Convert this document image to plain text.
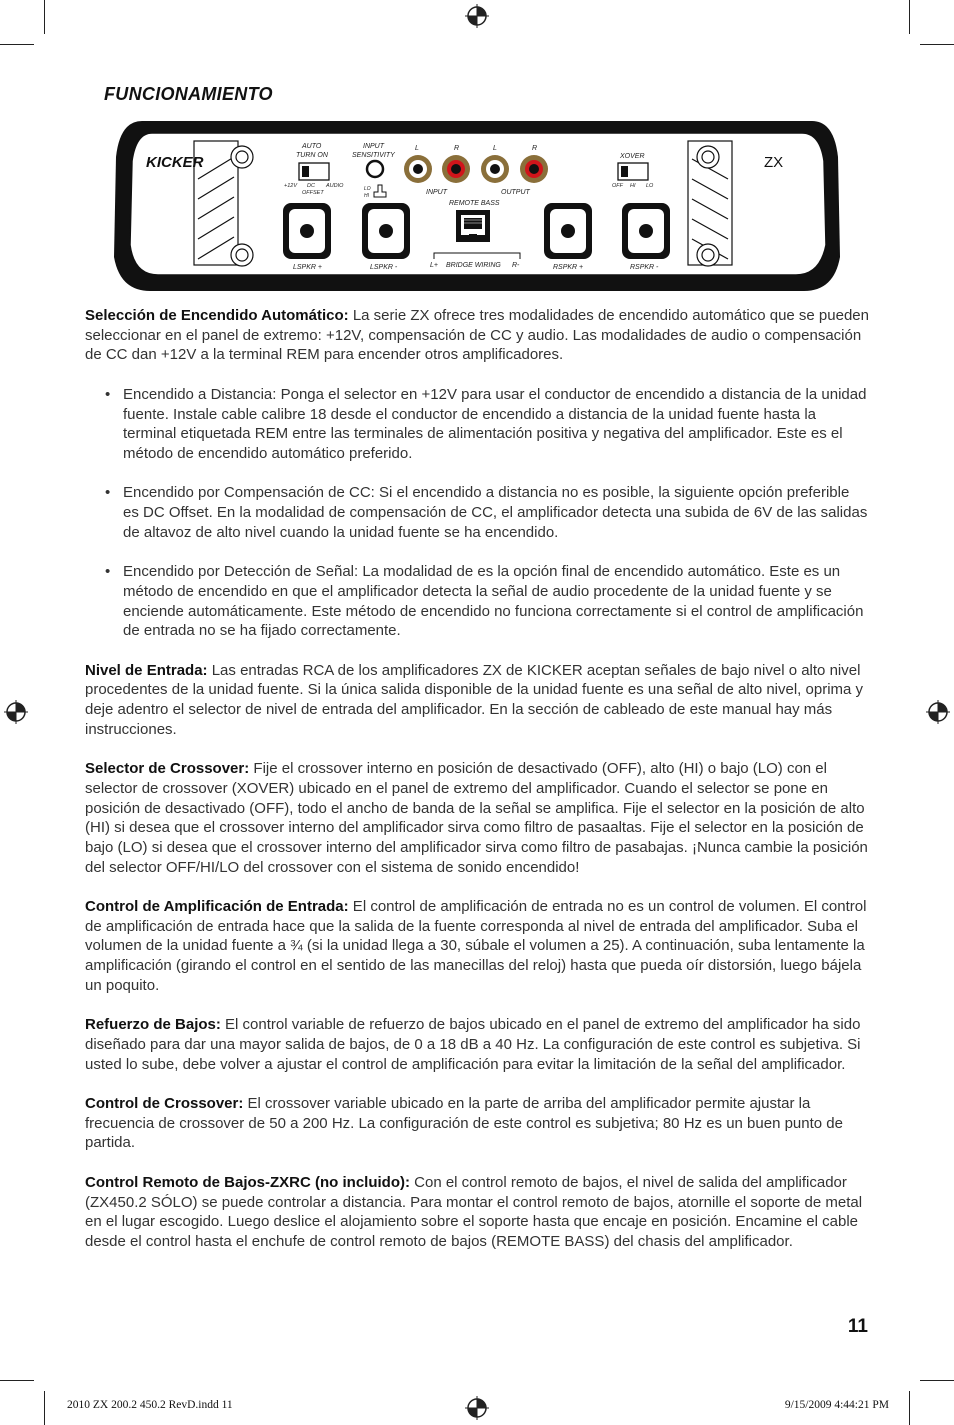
FUNCIONAMIENTO
KICKER	ZX
AUTO
TURN ON
+12V DC
OFFSET
AUDIO
INPUT
SENSITIVITY
LO
HI
L	R	L	R
INPUT	OUTPUT
REMOTE BASS
XOVER
OFF HI LO
LSPKR +	LSPKR -	RSPKR +	RSPKR -
L+ BRIDGE WIRING R-

Selección de Encendido Automático: La serie ZX ofrece tres modalidades de encendido automático que se pueden seleccionar en el panel de extremo: +12V, compensación de CC y audio. Las modalidades de audio o compensación de CC dan +12V a la terminal REM para encender otros amplificadores.

• Encendido a Distancia: Ponga el selector en +12V para usar el conductor de encendido a distancia de la unidad fuente. Instale cable calibre 18 desde el conductor de encendido a distancia de la unidad fuente hasta la terminal etiquetada REM entre las terminales de alimentación positiva y negativa del amplificador. Este es el método de encendido automático preferido.
• Encendido por Compensación de CC: Si el encendido a distancia no es posible, la siguiente opción preferible es DC Offset. En la modalidad de compensación de CC, el amplificador detecta una subida de 6V de las salidas de altavoz de alto nivel cuando la unidad fuente se ha encendido.
• Encendido por Detección de Señal: La modalidad de es la opción final de encendido automático. Este es un método de encendido en que el amplificador detecta la señal de audio procedente de la unidad fuente y se enciende automáticamente. Este método de encendido no funciona correctamente si el control de amplificación de entrada no se ha fijado correctamente.

Nivel de Entrada: Las entradas RCA de los amplificadores ZX de KICKER aceptan señales de bajo nivel o alto nivel procedentes de la unidad fuente. Si la única salida disponible de la unidad fuente es una señal de alto nivel, oprima y deje adentro el selector de nivel de entrada del amplificador. En la sección de cableado de este manual hay más instrucciones.

Selector de Crossover: Fije el crossover interno en posición de desactivado (OFF), alto (HI) o bajo (LO) con el selector de crossover (XOVER) ubicado en el panel de extremo del amplificador. Cuando el selector se pone en posición de desactivado (OFF), todo el ancho de banda de la señal se amplifica. Fije el selector en la posición de alto (HI) si desea que el crossover interno del amplificador sirva como filtro de pasaaltas. Fije el selector en la posición de bajo (LO) si desea que el crossover interno del amplificador sirva como filtro de pasabajas. ¡Nunca cambie la posición del selector OFF/HI/LO del crossover con el sistema de sonido encendido!

Control de Amplificación de Entrada: El control de amplificación de entrada no es un control de volumen. El control de amplificación de entrada hace que la salida de la fuente corresponda al nivel de entrada del amplificador. Suba el volumen de la unidad fuente a ¾ (si la unidad llega a 30, súbale el volumen a 25). A continuación, suba lentamente la amplificación (girando el control en el sentido de las manecillas del reloj) hasta que pueda oír distorsión, luego bájela un poquito.

Refuerzo de Bajos: El control variable de refuerzo de bajos ubicado en el panel de extremo del amplificador ha sido diseñado para dar una mayor salida de bajos, de 0 a 18 dB a 40 Hz. La configuración de este control es subjetiva. Si usted lo sube, debe volver a ajustar el control de amplificación para evitar la limitación de la señal del amplificador.

Control de Crossover: El crossover variable ubicado en la parte de arriba del amplificador permite ajustar la frecuencia de crossover de 50 a 200 Hz. La configuración de este control es subjetiva; 80 Hz es un buen punto de partida.

Control Remoto de Bajos-ZXRC (no incluido): Con el control remoto de bajos, el nivel de salida del amplificador (ZX450.2 SÓLO) se puede controlar a distancia. Para montar el control remoto de bajos, atornille el soporte de metal en el lugar escogido. Luego deslice el alojamiento sobre el soporte hasta que encaje en posición. Encamine el cable desde el control hasta el enchufe de control remoto de bajos (REMOTE BASS) del chasis del amplificador.

11
2010 ZX 200.2 450.2 RevD.indd 11	9/15/2009 4:44:21 PM
